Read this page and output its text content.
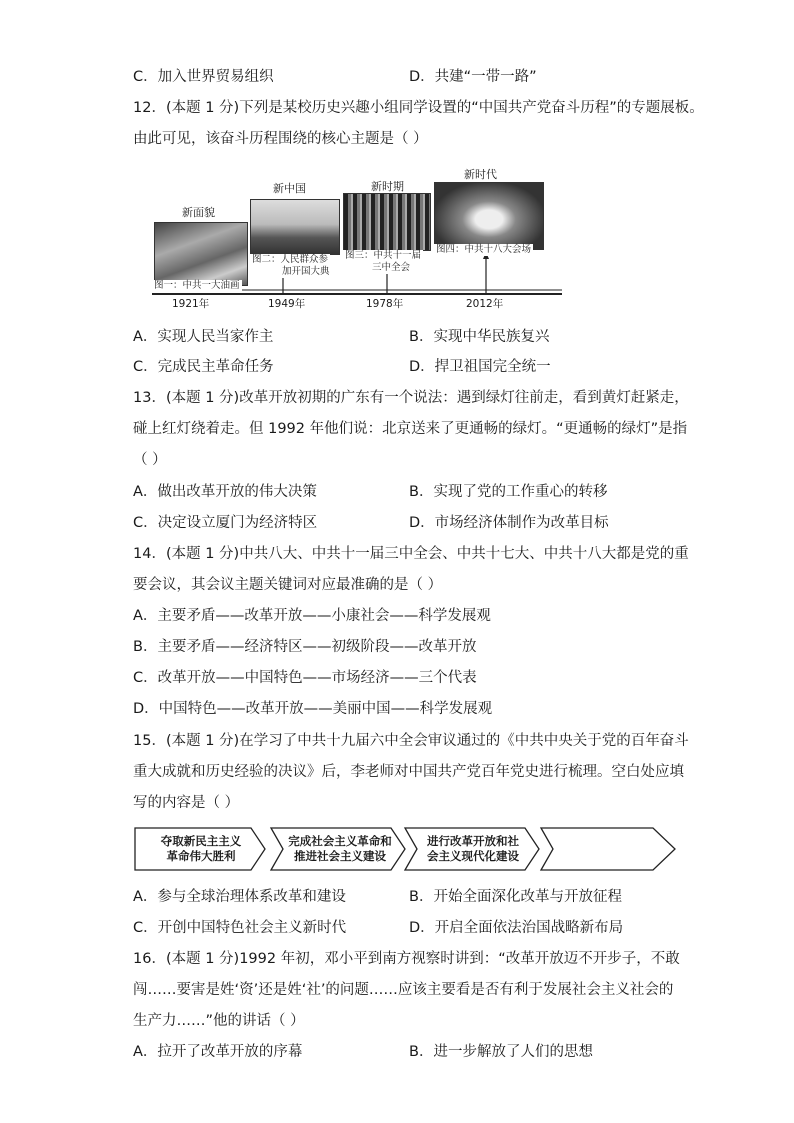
C．加入世界贸易组织	D．共建“一带一路”
12．(本题 1 分)下列是某校历史兴趣小组同学设置的“中国共产党奋斗历程”的专题展板。
由此可见，该奋斗历程围绕的核心主题是（ ）
新面貌
图一：中共一大油画
1921年
新中国
图二：人民群众参
加开国大典
1949年
新时期
图三：中共十一届
三中全会
1978年
新时代
图四：中共十八大会场
2012年
A．实现人民当家作主	B．实现中华民族复兴
C．完成民主革命任务	D．捍卫祖国完全统一
13．(本题 1 分)改革开放初期的广东有一个说法：遇到绿灯往前走，看到黄灯赶紧走，
碰上红灯绕着走。但 1992 年他们说：北京送来了更通畅的绿灯。“更通畅的绿灯”是指
（ ）
A．做出改革开放的伟大决策	B．实现了党的工作重心的转移
C．决定设立厦门为经济特区	D．市场经济体制作为改革目标
14．(本题 1 分)中共八大、中共十一届三中全会、中共十七大、中共十八大都是党的重
要会议，其会议主题关键词对应最准确的是（ ）
A．主要矛盾——改革开放——小康社会——科学发展观
B．主要矛盾——经济特区——初级阶段——改革开放
C．改革开放——中国特色——市场经济——三个代表
D．中国特色——改革开放——美丽中国——科学发展观
15．(本题 1 分)在学习了中共十九届六中全会审议通过的《中共中央关于党的百年奋斗
重大成就和历史经验的决议》后，李老师对中国共产党百年党史进行梳理。空白处应填
写的内容是（ ）
夺取新民主主义
革命伟大胜利
完成社会主义革命和
推进社会主义建设
进行改革开放和社
会主义现代化建设
A．参与全球治理体系改革和建设	B．开始全面深化改革与开放征程
C．开创中国特色社会主义新时代	D．开启全面依法治国战略新布局
16．(本题 1 分)1992 年初，邓小平到南方视察时讲到：“改革开放迈不开步子，不敢
闯……要害是姓‘资’还是姓‘社’的问题……应该主要看是否有利于发展社会主义社会的
生产力……”他的讲话（ ）
A．拉开了改革开放的序幕	B．进一步解放了人们的思想
